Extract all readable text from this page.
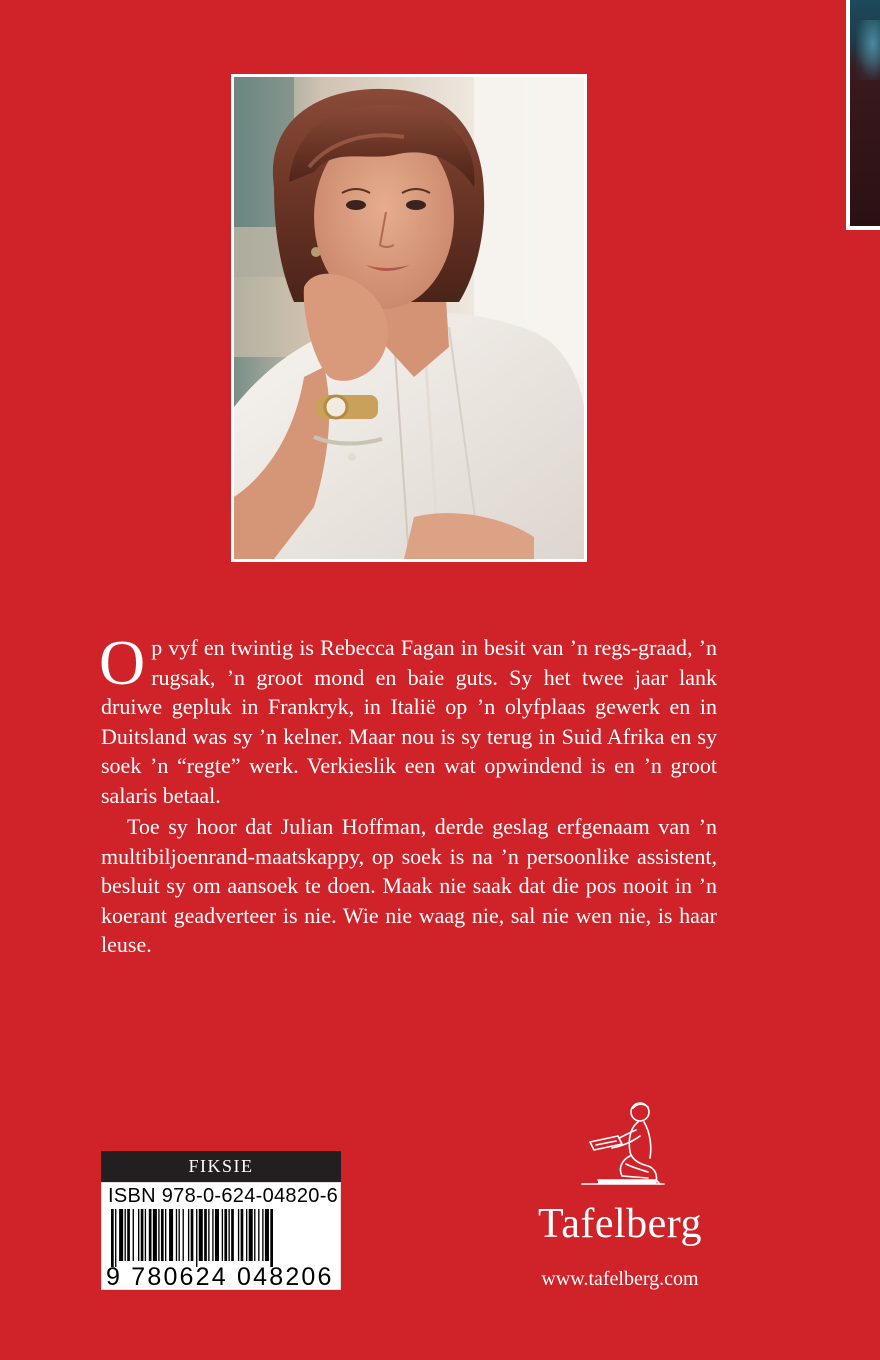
Op vyf en twintig is Rebecca Fagan in besit van ’n regs-graad, ’n rugsak, ’n groot mond en baie guts. Sy het twee jaar lank druiwe gepluk in Frankryk, in Italië op ’n olyfplaas gewerk en in Duitsland was sy ’n kelner. Maar nou is sy terug in Suid Afrika en sy soek ’n “regte” werk. Verkieslik een wat opwindend is en ’n groot salaris betaal.

Toe sy hoor dat Julian Hoffman, derde geslag erfgenaam van ’n multibiljoenrand-maatskappy, op soek is na ’n persoonlike assistent, besluit sy om aansoek te doen. Maak nie saak dat die pos nooit in ’n koerant geadverteer is nie. Wie nie waag nie, sal nie wen nie, is haar leuse.

FIKSIE
ISBN 978-0-624-04820-6
9 780624 048206
Tafelberg
www.tafelberg.com
